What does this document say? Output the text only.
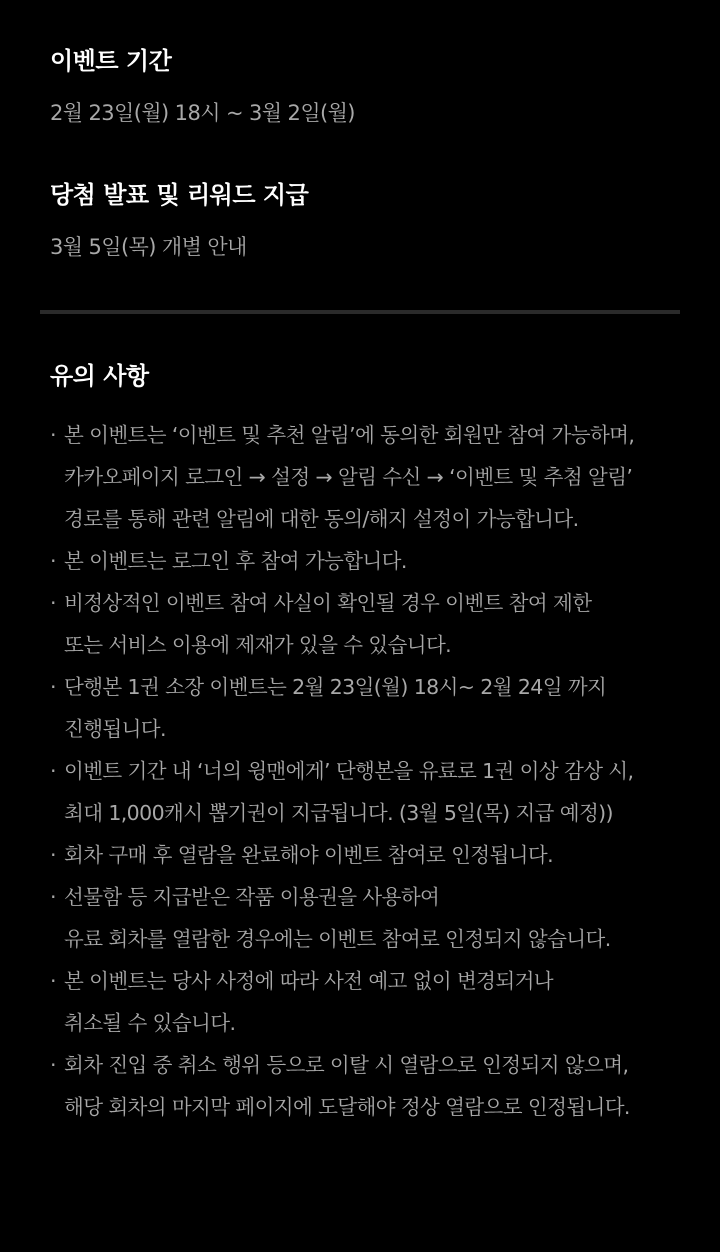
이벤트 기간

2월 23일(월) 18시 ~ 3월 2일(월)

당첨 발표 및 리워드 지급

3월 5일(목) 개별 안내

유의 사항
· 본 이벤트는 ‘이벤트 및 추천 알림’에 동의한 회원만 참여 가능하며,
카카오페이지 로그인 → 설정 → 알림 수신 → ‘이벤트 및 추첨 알림’
경로를 통해 관련 알림에 대한 동의/해지 설정이 가능합니다.
· 본 이벤트는 로그인 후 참여 가능합니다.
· 비정상적인 이벤트 참여 사실이 확인될 경우 이벤트 참여 제한
또는 서비스 이용에 제재가 있을 수 있습니다.
· 단행본 1권 소장 이벤트는 2월 23일(월) 18시~ 2월 24일 까지
진행됩니다.
· 이벤트 기간 내 ‘너의 윙맨에게’ 단행본을 유료로 1권 이상 감상 시,
최대 1,000캐시 뽑기권이 지급됩니다. (3월 5일(목) 지급 예정))
· 회차 구매 후 열람을 완료해야 이벤트 참여로 인정됩니다.
· 선물함 등 지급받은 작품 이용권을 사용하여
유료 회차를 열람한 경우에는 이벤트 참여로 인정되지 않습니다.
· 본 이벤트는 당사 사정에 따라 사전 예고 없이 변경되거나
취소될 수 있습니다.
· 회차 진입 중 취소 행위 등으로 이탈 시 열람으로 인정되지 않으며,
해당 회차의 마지막 페이지에 도달해야 정상 열람으로 인정됩니다.
